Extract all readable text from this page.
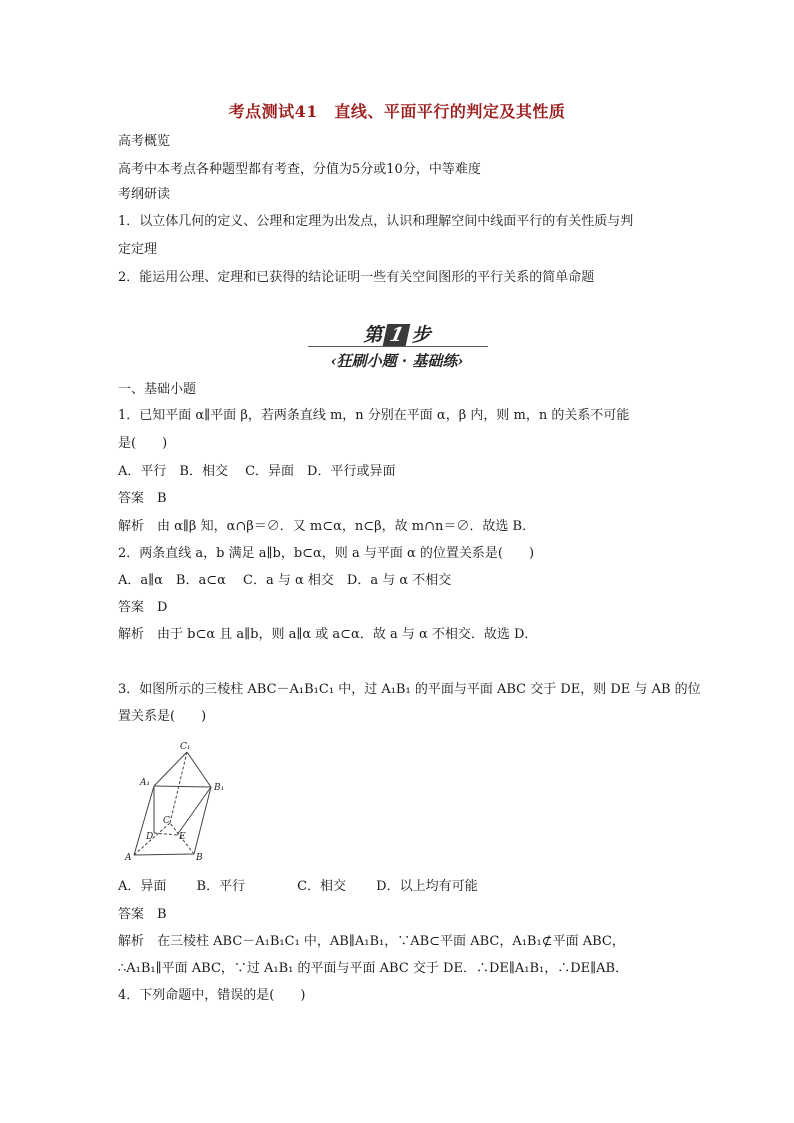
考点测试41　直线、平面平行的判定及其性质
高考概览
高考中本考点各种题型都有考查，分值为5分或10分，中等难度
考纲研读
1．以立体几何的定义、公理和定理为出发点，认识和理解空间中线面平行的有关性质与判
定定理
2．能运用公理、定理和已获得的结论证明一些有关空间图形的平行关系的简单命题
第 1 步
‹狂刷小题 · 基础练›
一、基础小题
1．已知平面 α∥平面 β，若两条直线 m，n 分别在平面 α，β 内，则 m，n 的关系不可能
是(　　)
A．平行　B．相交　 C．异面　D．平行或异面
答案　B
解析　由 α∥β 知，α∩β＝∅．又 m⊂α，n⊂β，故 m∩n＝∅．故选 B．
2．两条直线 a，b 满足 a∥b，b⊂α，则 a 与平面 α 的位置关系是(　　)
A．a∥α　B．a⊂α　 C．a 与 α 相交　D．a 与 α 不相交
答案　D
解析　由于 b⊂α 且 a∥b，则 a∥α 或 a⊂α．故 a 与 α 不相交．故选 D．
3．如图所示的三棱柱 ABC－A₁B₁C₁ 中，过 A₁B₁ 的平面与平面 ABC 交于 DE，则 DE 与 AB 的位
置关系是(　　)
C₁
A₁	B₁
C
D	E
A	B
A．异面　　 B．平行　　　　C．相交　　 D．以上均有可能
答案　B
解析　在三棱柱 ABC－A₁B₁C₁ 中，AB∥A₁B₁，∵AB⊂平面 ABC，A₁B₁⊄平面 ABC，
∴A₁B₁∥平面 ABC，∵过 A₁B₁ 的平面与平面 ABC 交于 DE．∴DE∥A₁B₁，∴DE∥AB．
4．下列命题中，错误的是(　　)
